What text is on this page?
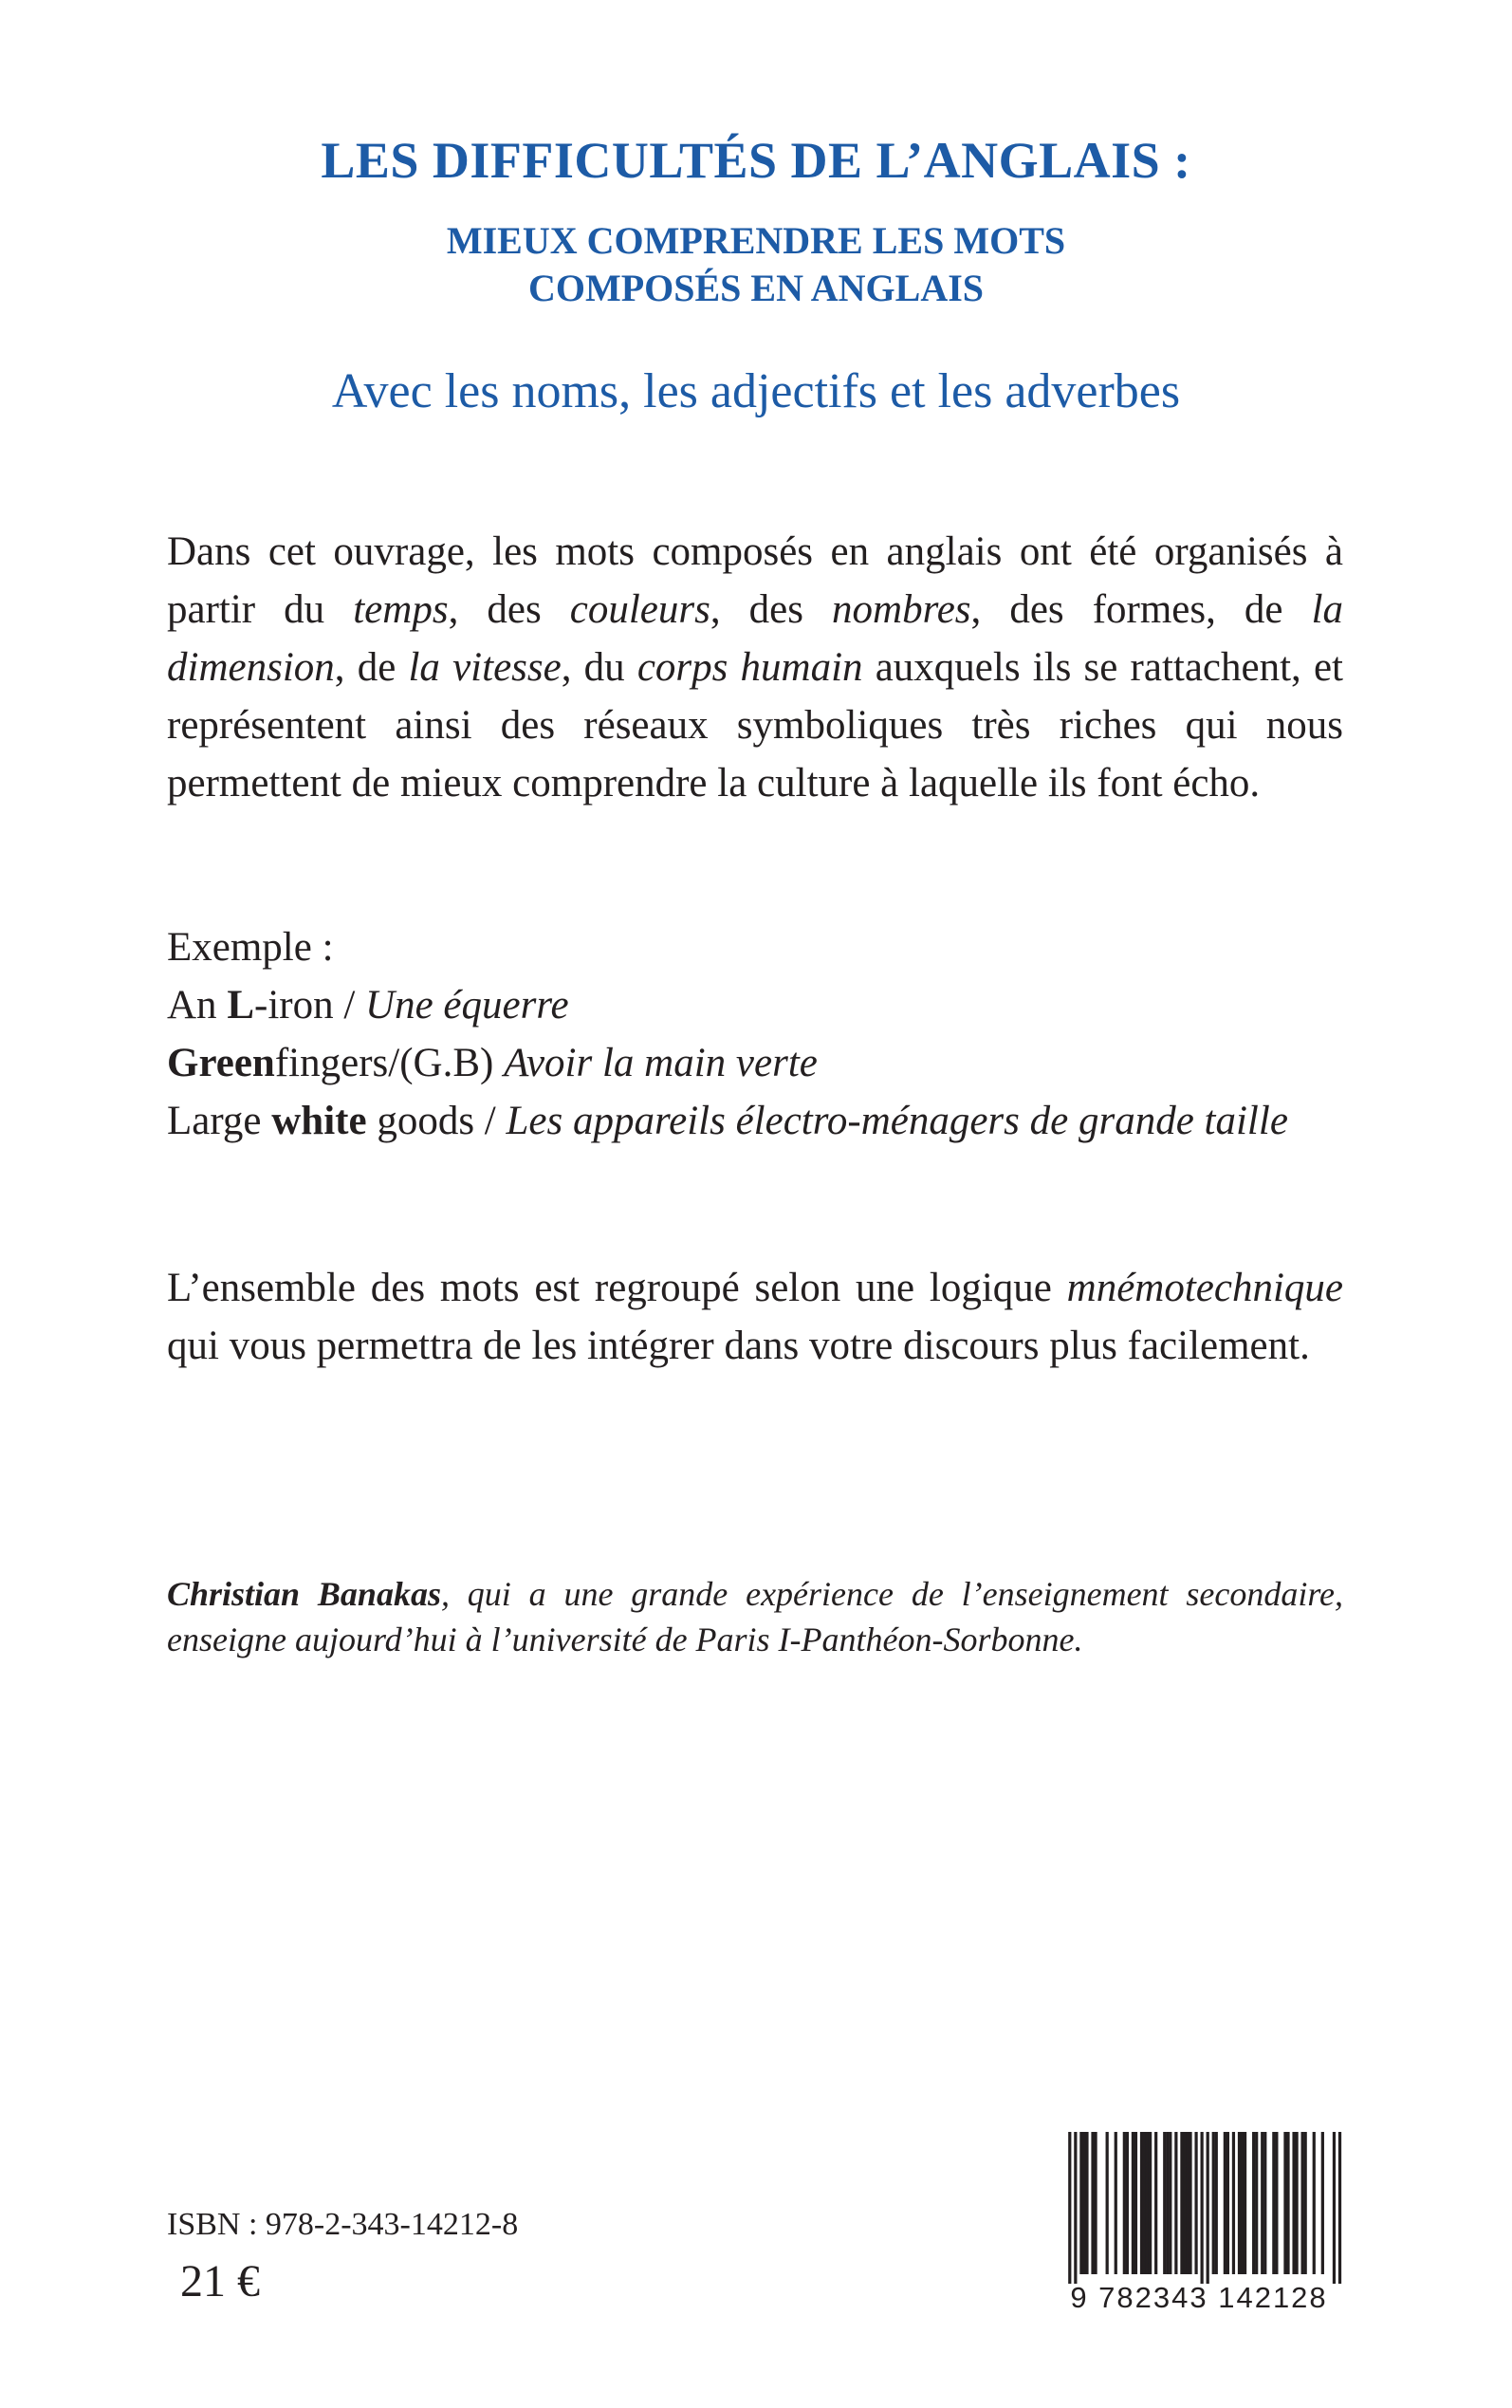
LES DIFFICULTÉS DE L’ANGLAIS :
MIEUX COMPRENDRE LES MOTS
COMPOSÉS EN ANGLAIS
Avec les noms, les adjectifs et les adverbes
Dans cet ouvrage, les mots composés en anglais ont été organisés à partir du temps, des couleurs, des nombres, des formes, de la dimension, de la vitesse, du corps humain auxquels ils se rattachent, et représentent ainsi des réseaux symboliques très riches qui nous permettent de mieux comprendre la culture à laquelle ils font écho.
Exemple :
An L-iron / Une équerre
Greenfingers/(G.B) Avoir la main verte
Large white goods / Les appareils électro-ménagers de grande taille
L’ensemble des mots est regroupé selon une logique mnémotechnique qui vous permettra de les intégrer dans votre discours plus facilement.
Christian Banakas, qui a une grande expérience de l’enseignement secondaire, enseigne aujourd’hui à l’université de Paris I-Panthéon-Sorbonne.
ISBN : 978-2-343-14212-8
21 €	9 782343 142128
